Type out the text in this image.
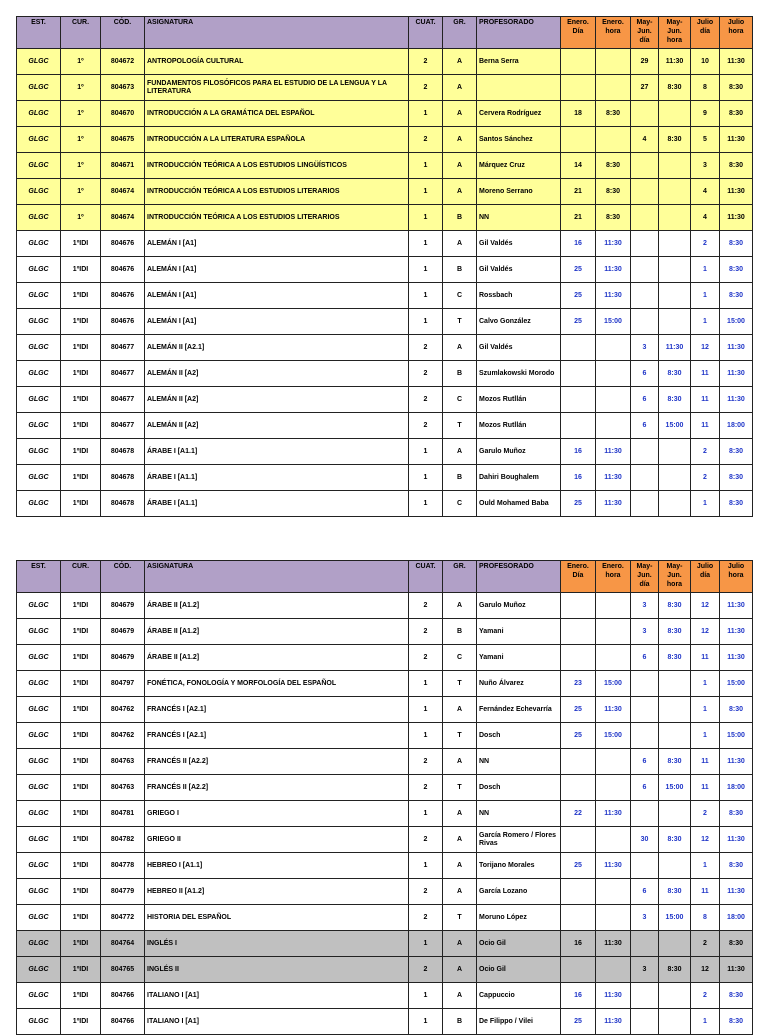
EST.	CUR.	CÓD.	ASIGNATURA	CUAT.	GR.	PROFESORADO	Enero. Día	Enero. hora	May- Jun. día	May- Jun. hora	Julio día	Julio hora
GLGC	1º	804672	ANTROPOLOGÍA CULTURAL	2	A	Berna Serra			29	11:30	10	11:30
GLGC	1º	804673	FUNDAMENTOS FILOSÓFICOS PARA EL ESTUDIO DE LA LENGUA Y LA LITERATURA	2	A				27	8:30	8	8:30
GLGC	1º	804670	INTRODUCCIÓN A LA GRAMÁTICA DEL ESPAÑOL	1	A	Cervera Rodríguez	18	8:30			9	8:30
GLGC	1º	804675	INTRODUCCIÓN A LA LITERATURA ESPAÑOLA	2	A	Santos Sánchez			4	8:30	5	11:30
GLGC	1º	804671	INTRODUCCIÓN TEÓRICA A LOS ESTUDIOS LINGÜÍSTICOS	1	A	Márquez Cruz	14	8:30			3	8:30
GLGC	1º	804674	INTRODUCCIÓN TEÓRICA A LOS ESTUDIOS LITERARIOS	1	A	Moreno Serrano	21	8:30			4	11:30
GLGC	1º	804674	INTRODUCCIÓN TEÓRICA A LOS ESTUDIOS LITERARIOS	1	B	NN	21	8:30			4	11:30
GLGC	1ºIDI	804676	ALEMÁN I [A1]	1	A	Gil Valdés	16	11:30			2	8:30
GLGC	1ºIDI	804676	ALEMÁN I [A1]	1	B	Gil Valdés	25	11:30			1	8:30
GLGC	1ºIDI	804676	ALEMÁN I [A1]	1	C	Rossbach	25	11:30			1	8:30
GLGC	1ºIDI	804676	ALEMÁN I [A1]	1	T	Calvo González	25	15:00			1	15:00
GLGC	1ºIDI	804677	ALEMÁN II [A2.1]	2	A	Gil Valdés			3	11:30	12	11:30
GLGC	1ºIDI	804677	ALEMÁN II [A2]	2	B	Szumlakowski Morodo			6	8:30	11	11:30
GLGC	1ºIDI	804677	ALEMÁN II [A2]	2	C	Mozos Rutllán			6	8:30	11	11:30
GLGC	1ºIDI	804677	ALEMÁN II [A2]	2	T	Mozos Rutllán			6	15:00	11	18:00
GLGC	1ºIDI	804678	ÁRABE I [A1.1]	1	A	Garulo Muñoz	16	11:30			2	8:30
GLGC	1ºIDI	804678	ÁRABE I [A1.1]	1	B	Dahiri Boughalem	16	11:30			2	8:30
GLGC	1ºIDI	804678	ÁRABE I [A1.1]	1	C	Ould Mohamed Baba	25	11:30			1	8:30
EST.	CUR.	CÓD.	ASIGNATURA	CUAT.	GR.	PROFESORADO	Enero. Día	Enero. hora	May- Jun. día	May- Jun. hora	Julio día	Julio hora
GLGC	1ºIDI	804679	ÁRABE II [A1.2]	2	A	Garulo Muñoz			3	8:30	12	11:30
GLGC	1ºIDI	804679	ÁRABE II [A1.2]	2	B	Yamani			3	8:30	12	11:30
GLGC	1ºIDI	804679	ÁRABE II [A1.2]	2	C	Yamani			6	8:30	11	11:30
GLGC	1ºIDI	804797	FONÉTICA, FONOLOGÍA Y MORFOLOGÍA DEL ESPAÑOL	1	T	Nuño Álvarez	23	15:00			1	15:00
GLGC	1ºIDI	804762	FRANCÉS I [A2.1]	1	A	Fernández Echevarría	25	11:30			1	8:30
GLGC	1ºIDI	804762	FRANCÉS I [A2.1]	1	T	Dosch	25	15:00			1	15:00
GLGC	1ºIDI	804763	FRANCÉS II [A2.2]	2	A	NN			6	8:30	11	11:30
GLGC	1ºIDI	804763	FRANCÉS II [A2.2]	2	T	Dosch			6	15:00	11	18:00
GLGC	1ºIDI	804781	GRIEGO I	1	A	NN	22	11:30			2	8:30
GLGC	1ºIDI	804782	GRIEGO II	2	A	García Romero / Flores Rivas			30	8:30	12	11:30
GLGC	1ºIDI	804778	HEBREO I [A1.1]	1	A	Torijano Morales	25	11:30			1	8:30
GLGC	1ºIDI	804779	HEBREO II [A1.2]	2	A	García Lozano			6	8:30	11	11:30
GLGC	1ºIDI	804772	HISTORIA DEL ESPAÑOL	2	T	Moruno López			3	15:00	8	18:00
GLGC	1ºIDI	804764	INGLÉS I	1	A	Ocio Gil	16	11:30			2	8:30
GLGC	1ºIDI	804765	INGLÉS II	2	A	Ocio Gil			3	8:30	12	11:30
GLGC	1ºIDI	804766	ITALIANO I [A1]	1	A	Cappuccio	16	11:30			2	8:30
GLGC	1ºIDI	804766	ITALIANO I [A1]	1	B	De Filippo / Vilei	25	11:30			1	8:30
